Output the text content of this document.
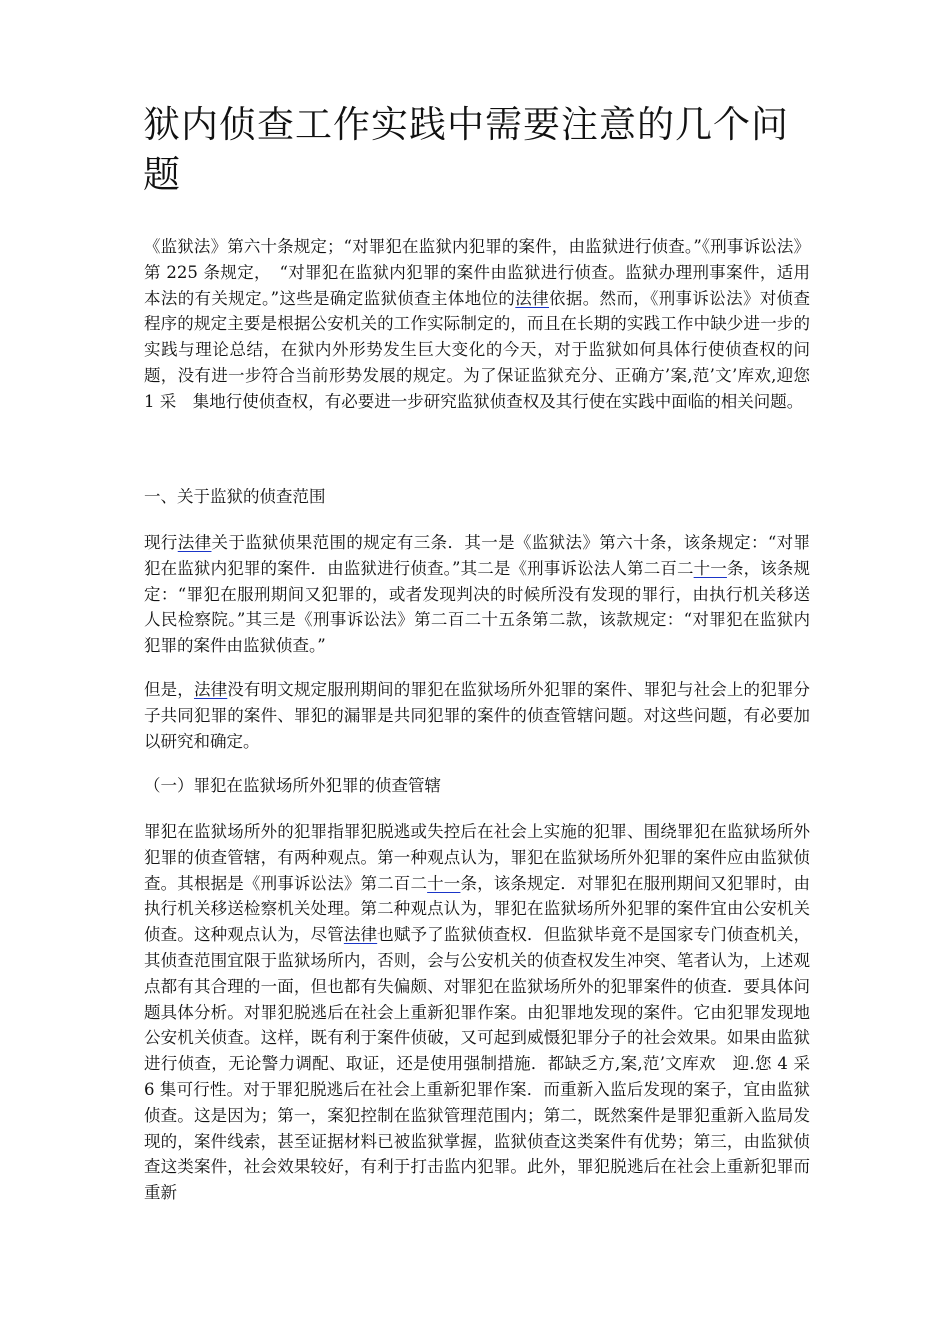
狱内侦查工作实践中需要注意的几个问题

《监狱法》第六十条规定；“对罪犯在监狱内犯罪的案件，由监狱进行侦查。”《刑事诉讼法》第 225 条规定，　“对罪犯在监狱内犯罪的案件由监狱进行侦查。监狱办理刑事案件，适用本法的有关规定。”这些是确定监狱侦查主体地位的法律依据。然而，《刑事诉讼法》对侦查程序的规定主要是根据公安机关的工作实际制定的，而且在长期的实践工作中缺少进一步的实践与理论总结，在狱内外形势发生巨大变化的今天，对于监狱如何具体行使侦查权的问题，没有进一步符合当前形势发展的规定。为了保证监狱充分、正确方’案,范’文’库欢,迎您 1 采　集地行使侦查权，有必要进一步研究监狱侦查权及其行使在实践中面临的相关问题。

一、关于监狱的侦查范围

现行法律关于监狱侦果范围的规定有三条．其一是《监狱法》第六十条，该条规定：“对罪犯在监狱内犯罪的案件．由监狱进行侦查。”其二是《刑事诉讼法人第二百二十一条，该条规定：“罪犯在服刑期间又犯罪的，或者发现判决的时候所没有发现的罪行，由执行机关移送人民检察院。”其三是《刑事诉讼法》第二百二十五条第二款，该款规定：“对罪犯在监狱内犯罪的案件由监狱侦查。”

但是，法律没有明文规定服刑期间的罪犯在监狱场所外犯罪的案件、罪犯与社会上的犯罪分子共同犯罪的案件、罪犯的漏罪是共同犯罪的案件的侦查管辖问题。对这些问题，有必要加以研究和确定。

（一）罪犯在监狱场所外犯罪的侦查管辖

罪犯在监狱场所外的犯罪指罪犯脱逃或失控后在社会上实施的犯罪、围绕罪犯在监狱场所外犯罪的侦查管辖，有两种观点。第一种观点认为，罪犯在监狱场所外犯罪的案件应由监狱侦查。其根据是《刑事诉讼法》第二百二十一条，该条规定．对罪犯在服刑期间又犯罪时，由执行机关移送检察机关处理。第二种观点认为，罪犯在监狱场所外犯罪的案件宜由公安机关侦查。这种观点认为，尽管法律也赋予了监狱侦查权．但监狱毕竟不是国家专门侦查机关，其侦查范围宜限于监狱场所内，否则，会与公安机关的侦查权发生冲突、笔者认为，上述观点都有其合理的一面，但也都有失偏颇、对罪犯在监狱场所外的犯罪案件的侦查．要具体问题具体分析。对罪犯脱逃后在社会上重新犯罪作案。由犯罪地发现的案件。它由犯罪发现地公安机关侦查。这样，既有利于案件侦破，又可起到威慑犯罪分子的社会效果。如果由监狱进行侦查，无论警力调配、取证，还是使用强制措施．都缺乏方,案,范’文库欢　迎.您 4 采 6 集可行性。对于罪犯脱逃后在社会上重新犯罪作案．而重新入监后发现的案子，宜由监狱侦查。这是因为；第一，案犯控制在监狱管理范围内；第二，既然案件是罪犯重新入监局发现的，案件线索，甚至证据材料已被监狱掌握，监狱侦查这类案件有优势；第三，由监狱侦查这类案件，社会效果较好，有利于打击监内犯罪。此外，罪犯脱逃后在社会上重新犯罪而重新
